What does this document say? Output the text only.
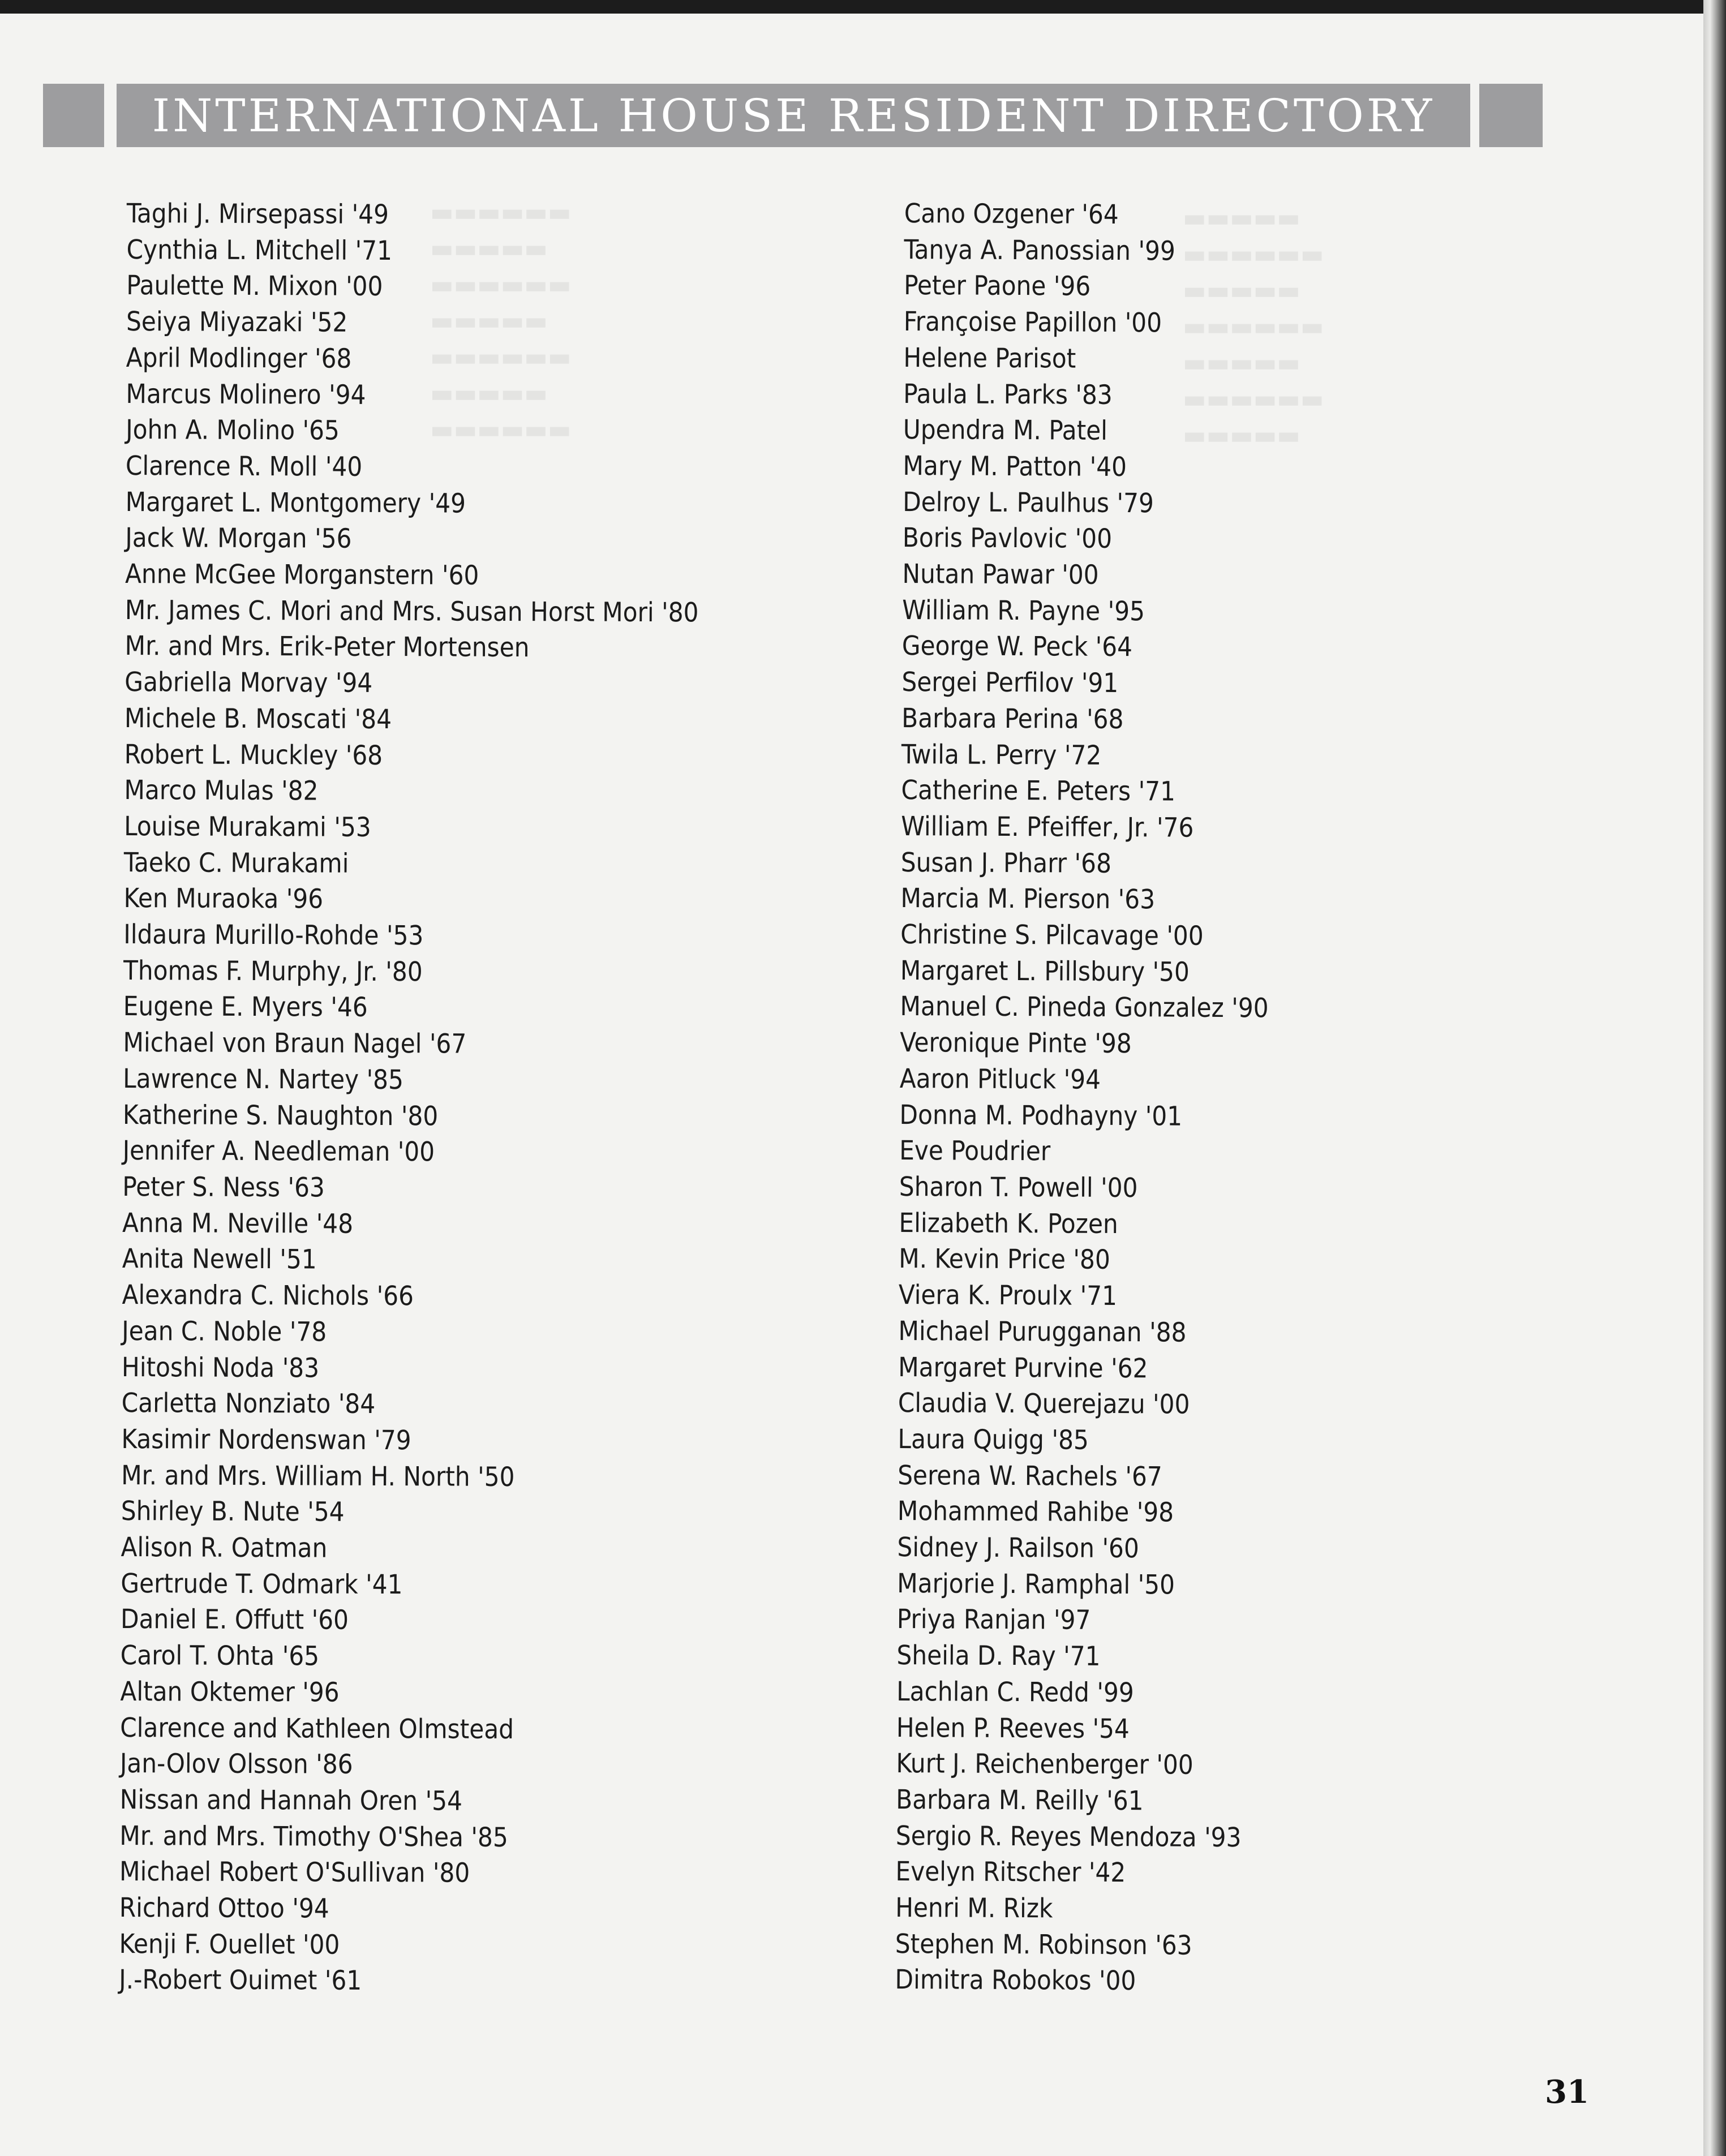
▬▬▬▬▬▬
▬▬▬▬▬
▬▬▬▬▬▬
▬▬▬▬▬
▬▬▬▬▬▬
▬▬▬▬▬
▬▬▬▬▬▬
▬▬▬▬▬
▬▬▬▬▬▬
▬▬▬▬▬
▬▬▬▬▬▬
▬▬▬▬▬
▬▬▬▬▬▬
▬▬▬▬▬
INTERNATIONAL HOUSE RESIDENT DIRECTORY
Taghi J. Mirsepassi '49
Cynthia L. Mitchell '71
Paulette M. Mixon '00
Seiya Miyazaki '52
April Modlinger '68
Marcus Molinero '94
John A. Molino '65
Clarence R. Moll '40
Margaret L. Montgomery '49
Jack W. Morgan '56
Anne McGee Morganstern '60
Mr. James C. Mori and Mrs. Susan Horst Mori '80
Mr. and Mrs. Erik-Peter Mortensen
Gabriella Morvay '94
Michele B. Moscati '84
Robert L. Muckley '68
Marco Mulas '82
Louise Murakami '53
Taeko C. Murakami
Ken Muraoka '96
Ildaura Murillo-Rohde '53
Thomas F. Murphy, Jr. '80
Eugene E. Myers '46
Michael von Braun Nagel '67
Lawrence N. Nartey '85
Katherine S. Naughton '80
Jennifer A. Needleman '00
Peter S. Ness '63
Anna M. Neville '48
Anita Newell '51
Alexandra C. Nichols '66
Jean C. Noble '78
Hitoshi Noda '83
Carletta Nonziato '84
Kasimir Nordenswan '79
Mr. and Mrs. William H. North '50
Shirley B. Nute '54
Alison R. Oatman
Gertrude T. Odmark '41
Daniel E. Offutt '60
Carol T. Ohta '65
Altan Oktemer '96
Clarence and Kathleen Olmstead
Jan-Olov Olsson '86
Nissan and Hannah Oren '54
Mr. and Mrs. Timothy O'Shea '85
Michael Robert O'Sullivan '80
Richard Ottoo '94
Kenji F. Ouellet '00
J.-Robert Ouimet '61
Cano Ozgener '64
Tanya A. Panossian '99
Peter Paone '96
Françoise Papillon '00
Helene Parisot
Paula L. Parks '83
Upendra M. Patel
Mary M. Patton '40
Delroy L. Paulhus '79
Boris Pavlovic '00
Nutan Pawar '00
William R. Payne '95
George W. Peck '64
Sergei Perfilov '91
Barbara Perina '68
Twila L. Perry '72
Catherine E. Peters '71
William E. Pfeiffer, Jr. '76
Susan J. Pharr '68
Marcia M. Pierson '63
Christine S. Pilcavage '00
Margaret L. Pillsbury '50
Manuel C. Pineda Gonzalez '90
Veronique Pinte '98
Aaron Pitluck '94
Donna M. Podhayny '01
Eve Poudrier
Sharon T. Powell '00
Elizabeth K. Pozen
M. Kevin Price '80
Viera K. Proulx '71
Michael Purugganan '88
Margaret Purvine '62
Claudia V. Querejazu '00
Laura Quigg '85
Serena W. Rachels '67
Mohammed Rahibe '98
Sidney J. Railson '60
Marjorie J. Ramphal '50
Priya Ranjan '97
Sheila D. Ray '71
Lachlan C. Redd '99
Helen P. Reeves '54
Kurt J. Reichenberger '00
Barbara M. Reilly '61
Sergio R. Reyes Mendoza '93
Evelyn Ritscher '42
Henri M. Rizk
Stephen M. Robinson '63
Dimitra Robokos '00
31
